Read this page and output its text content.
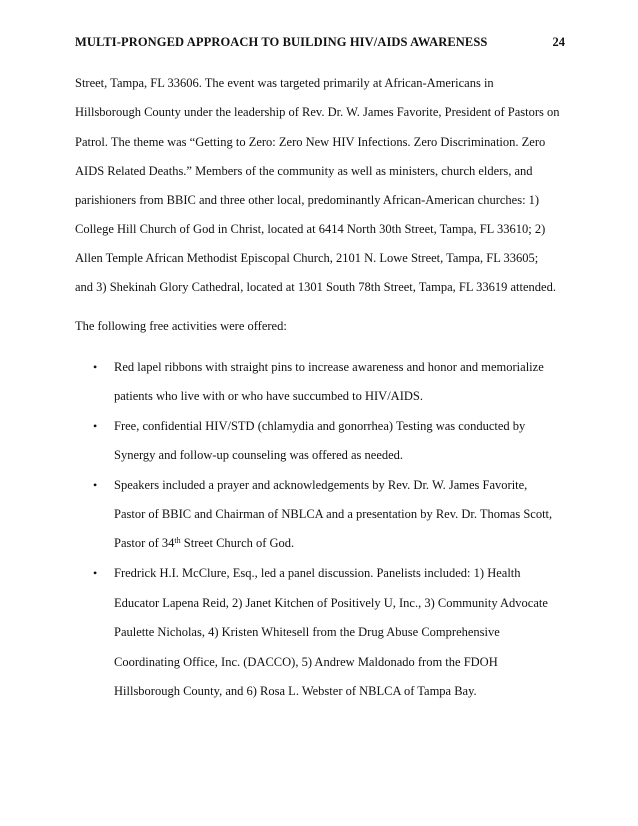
MULTI-PRONGED APPROACH TO BUILDING HIV/AIDS AWARENESS	24
Street, Tampa, FL 33606. The event was targeted primarily at African-Americans in
Hillsborough County under the leadership of Rev. Dr. W. James Favorite, President of Pastors on
Patrol. The theme was “Getting to Zero: Zero New HIV Infections. Zero Discrimination. Zero
AIDS Related Deaths.” Members of the community as well as ministers, church elders, and
parishioners from BBIC and three other local, predominantly African-American churches: 1)
College Hill Church of God in Christ, located at 6414 North 30th Street, Tampa, FL 33610; 2)
Allen Temple African Methodist Episcopal Church, 2101 N. Lowe Street, Tampa, FL 33605;
and 3) Shekinah Glory Cathedral, located at 1301 South 78th Street, Tampa, FL 33619 attended.
The following free activities were offered:
• Red lapel ribbons with straight pins to increase awareness and honor and memorialize
patients who live with or who have succumbed to HIV/AIDS.
• Free, confidential HIV/STD (chlamydia and gonorrhea) Testing was conducted by
Synergy and follow-up counseling was offered as needed.
• Speakers included a prayer and acknowledgements by Rev. Dr. W. James Favorite,
Pastor of BBIC and Chairman of NBLCA and a presentation by Rev. Dr. Thomas Scott,
Pastor of 34th Street Church of God.
• Fredrick H.I. McClure, Esq., led a panel discussion. Panelists included: 1) Health
Educator Lapena Reid, 2) Janet Kitchen of Positively U, Inc., 3) Community Advocate
Paulette Nicholas, 4) Kristen Whitesell from the Drug Abuse Comprehensive
Coordinating Office, Inc. (DACCO), 5) Andrew Maldonado from the FDOH
Hillsborough County, and 6) Rosa L. Webster of NBLCA of Tampa Bay.
